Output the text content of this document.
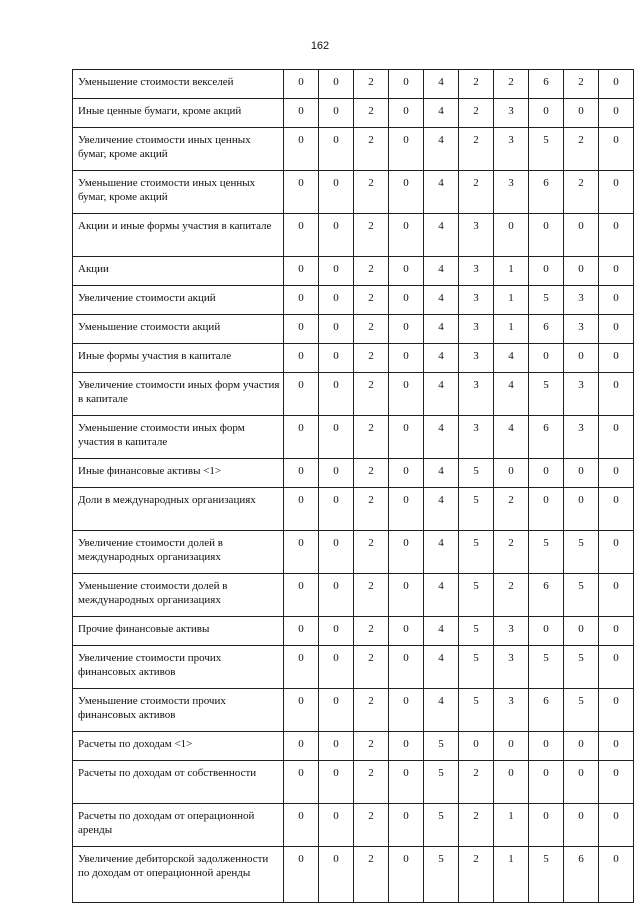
162
Уменьшение стоимости векселей	0	0	2	0	4	2	2	6	2	0
Иные ценные бумаги, кроме акций	0	0	2	0	4	2	3	0	0	0
Увеличение стоимости иных ценных бумаг, кроме акций	0	0	2	0	4	2	3	5	2	0
Уменьшение стоимости иных ценных бумаг, кроме акций	0	0	2	0	4	2	3	6	2	0
Акции и иные формы участия в капитале	0	0	2	0	4	3	0	0	0	0
Акции	0	0	2	0	4	3	1	0	0	0
Увеличение стоимости акций	0	0	2	0	4	3	1	5	3	0
Уменьшение стоимости акций	0	0	2	0	4	3	1	6	3	0
Иные формы участия в капитале	0	0	2	0	4	3	4	0	0	0
Увеличение стоимости иных форм участия в капитале	0	0	2	0	4	3	4	5	3	0
Уменьшение стоимости иных форм участия в капитале	0	0	2	0	4	3	4	6	3	0
Иные финансовые активы <1>	0	0	2	0	4	5	0	0	0	0
Доли в международных организациях	0	0	2	0	4	5	2	0	0	0
Увеличение стоимости долей в международных организациях	0	0	2	0	4	5	2	5	5	0
Уменьшение стоимости долей в международных организациях	0	0	2	0	4	5	2	6	5	0
Прочие финансовые активы	0	0	2	0	4	5	3	0	0	0
Увеличение стоимости прочих финансовых активов	0	0	2	0	4	5	3	5	5	0
Уменьшение стоимости прочих финансовых активов	0	0	2	0	4	5	3	6	5	0
Расчеты по доходам <1>	0	0	2	0	5	0	0	0	0	0
Расчеты по доходам от собственности	0	0	2	0	5	2	0	0	0	0
Расчеты по доходам от операционной аренды	0	0	2	0	5	2	1	0	0	0
Увеличение дебиторской задолженности по доходам от операционной аренды	0	0	2	0	5	2	1	5	6	0
